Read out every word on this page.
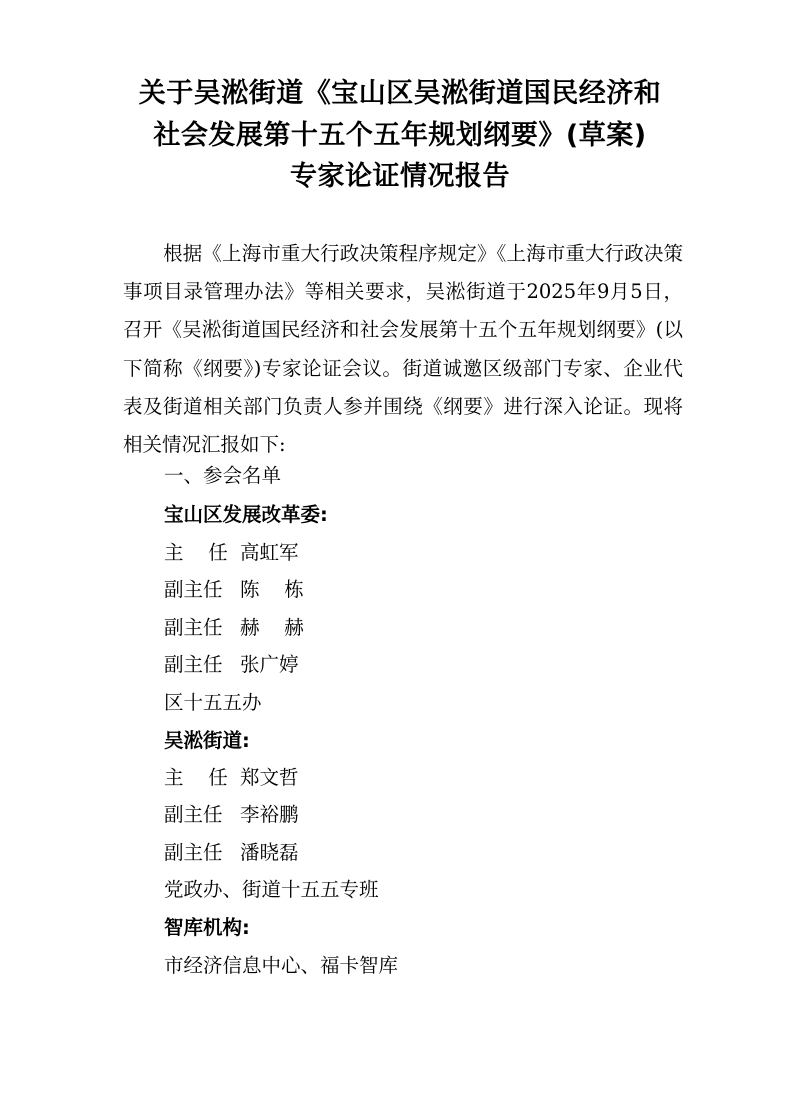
关于吴淞街道《宝山区吴淞街道国民经济和
社会发展第十五个五年规划纲要》(草案)
专家论证情况报告
根据《上海市重大行政决策程序规定》《上海市重大行政决策事项目录管理办法》等相关要求，吴淞街道于2025年9月5日，召开《吴淞街道国民经济和社会发展第十五个五年规划纲要》(以下简称《纲要》)专家论证会议。街道诚邀区级部门专家、企业代表及街道相关部门负责人参并围绕《纲要》进行深入论证。现将相关情况汇报如下:
一、参会名单
宝山区发展改革委:
主    任 高虹军
副主任 陈    栋
副主任 赫    赫
副主任 张广婷
区十五五办
吴淞街道:
主    任 郑文哲
副主任 李裕鹏
副主任 潘晓磊
党政办、街道十五五专班
智库机构:
市经济信息中心、福卡智库
